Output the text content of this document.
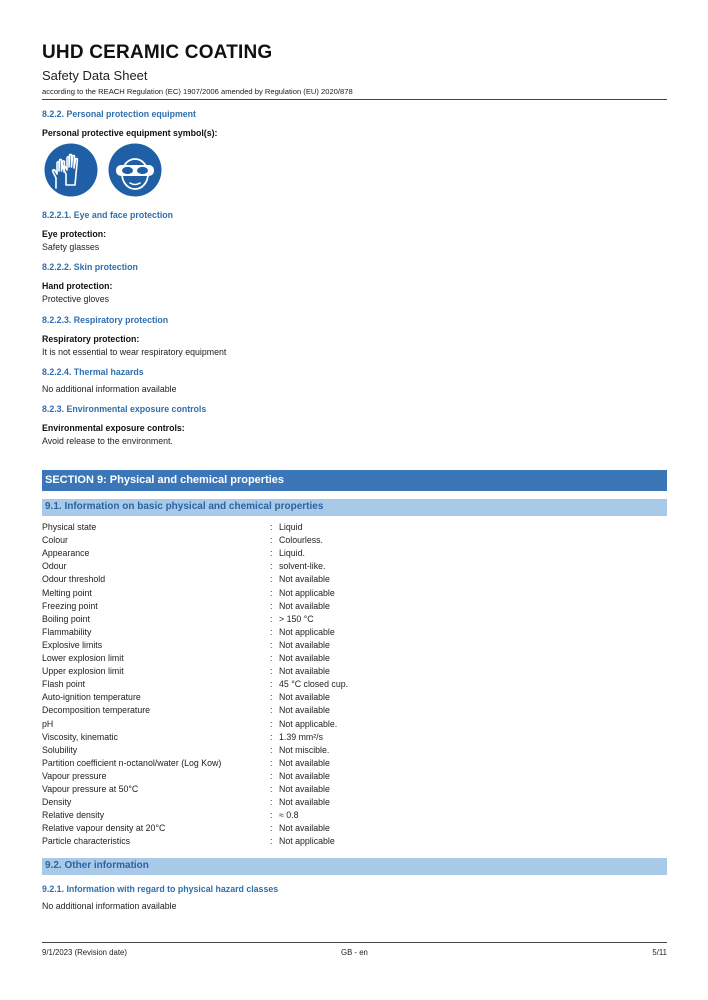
UHD CERAMIC COATING
Safety Data Sheet
according to the REACH Regulation (EC) 1907/2006 amended by Regulation (EU) 2020/878
8.2.2. Personal protection equipment
Personal protective equipment symbol(s):
8.2.2.1. Eye and face protection
Eye protection:
Safety glasses
8.2.2.2. Skin protection
Hand protection:
Protective gloves
8.2.2.3. Respiratory protection
Respiratory protection:
It is not essential to wear respiratory equipment
8.2.2.4. Thermal hazards
No additional information available
8.2.3. Environmental exposure controls
Environmental exposure controls:
Avoid release to the environment.
SECTION 9: Physical and chemical properties
9.1. Information on basic physical and chemical properties
Physical state	: Liquid
Colour	: Colourless.
Appearance	: Liquid.
Odour	: solvent-like.
Odour threshold	: Not available
Melting point	: Not applicable
Freezing point	: Not available
Boiling point	: > 150 °C
Flammability	: Not applicable
Explosive limits	: Not available
Lower explosion limit	: Not available
Upper explosion limit	: Not available
Flash point	: 45 °C closed cup.
Auto-ignition temperature	: Not available
Decomposition temperature	: Not available
pH	: Not applicable.
Viscosity, kinematic	: 1.39 mm²/s
Solubility	: Not miscible.
Partition coefficient n-octanol/water (Log Kow)	: Not available
Vapour pressure	: Not available
Vapour pressure at 50°C	: Not available
Density	: Not available
Relative density	: ≈ 0.8
Relative vapour density at 20°C	: Not available
Particle characteristics	: Not applicable
9.2. Other information
9.2.1. Information with regard to physical hazard classes
No additional information available
9/1/2023 (Revision date)	GB - en	5/11
